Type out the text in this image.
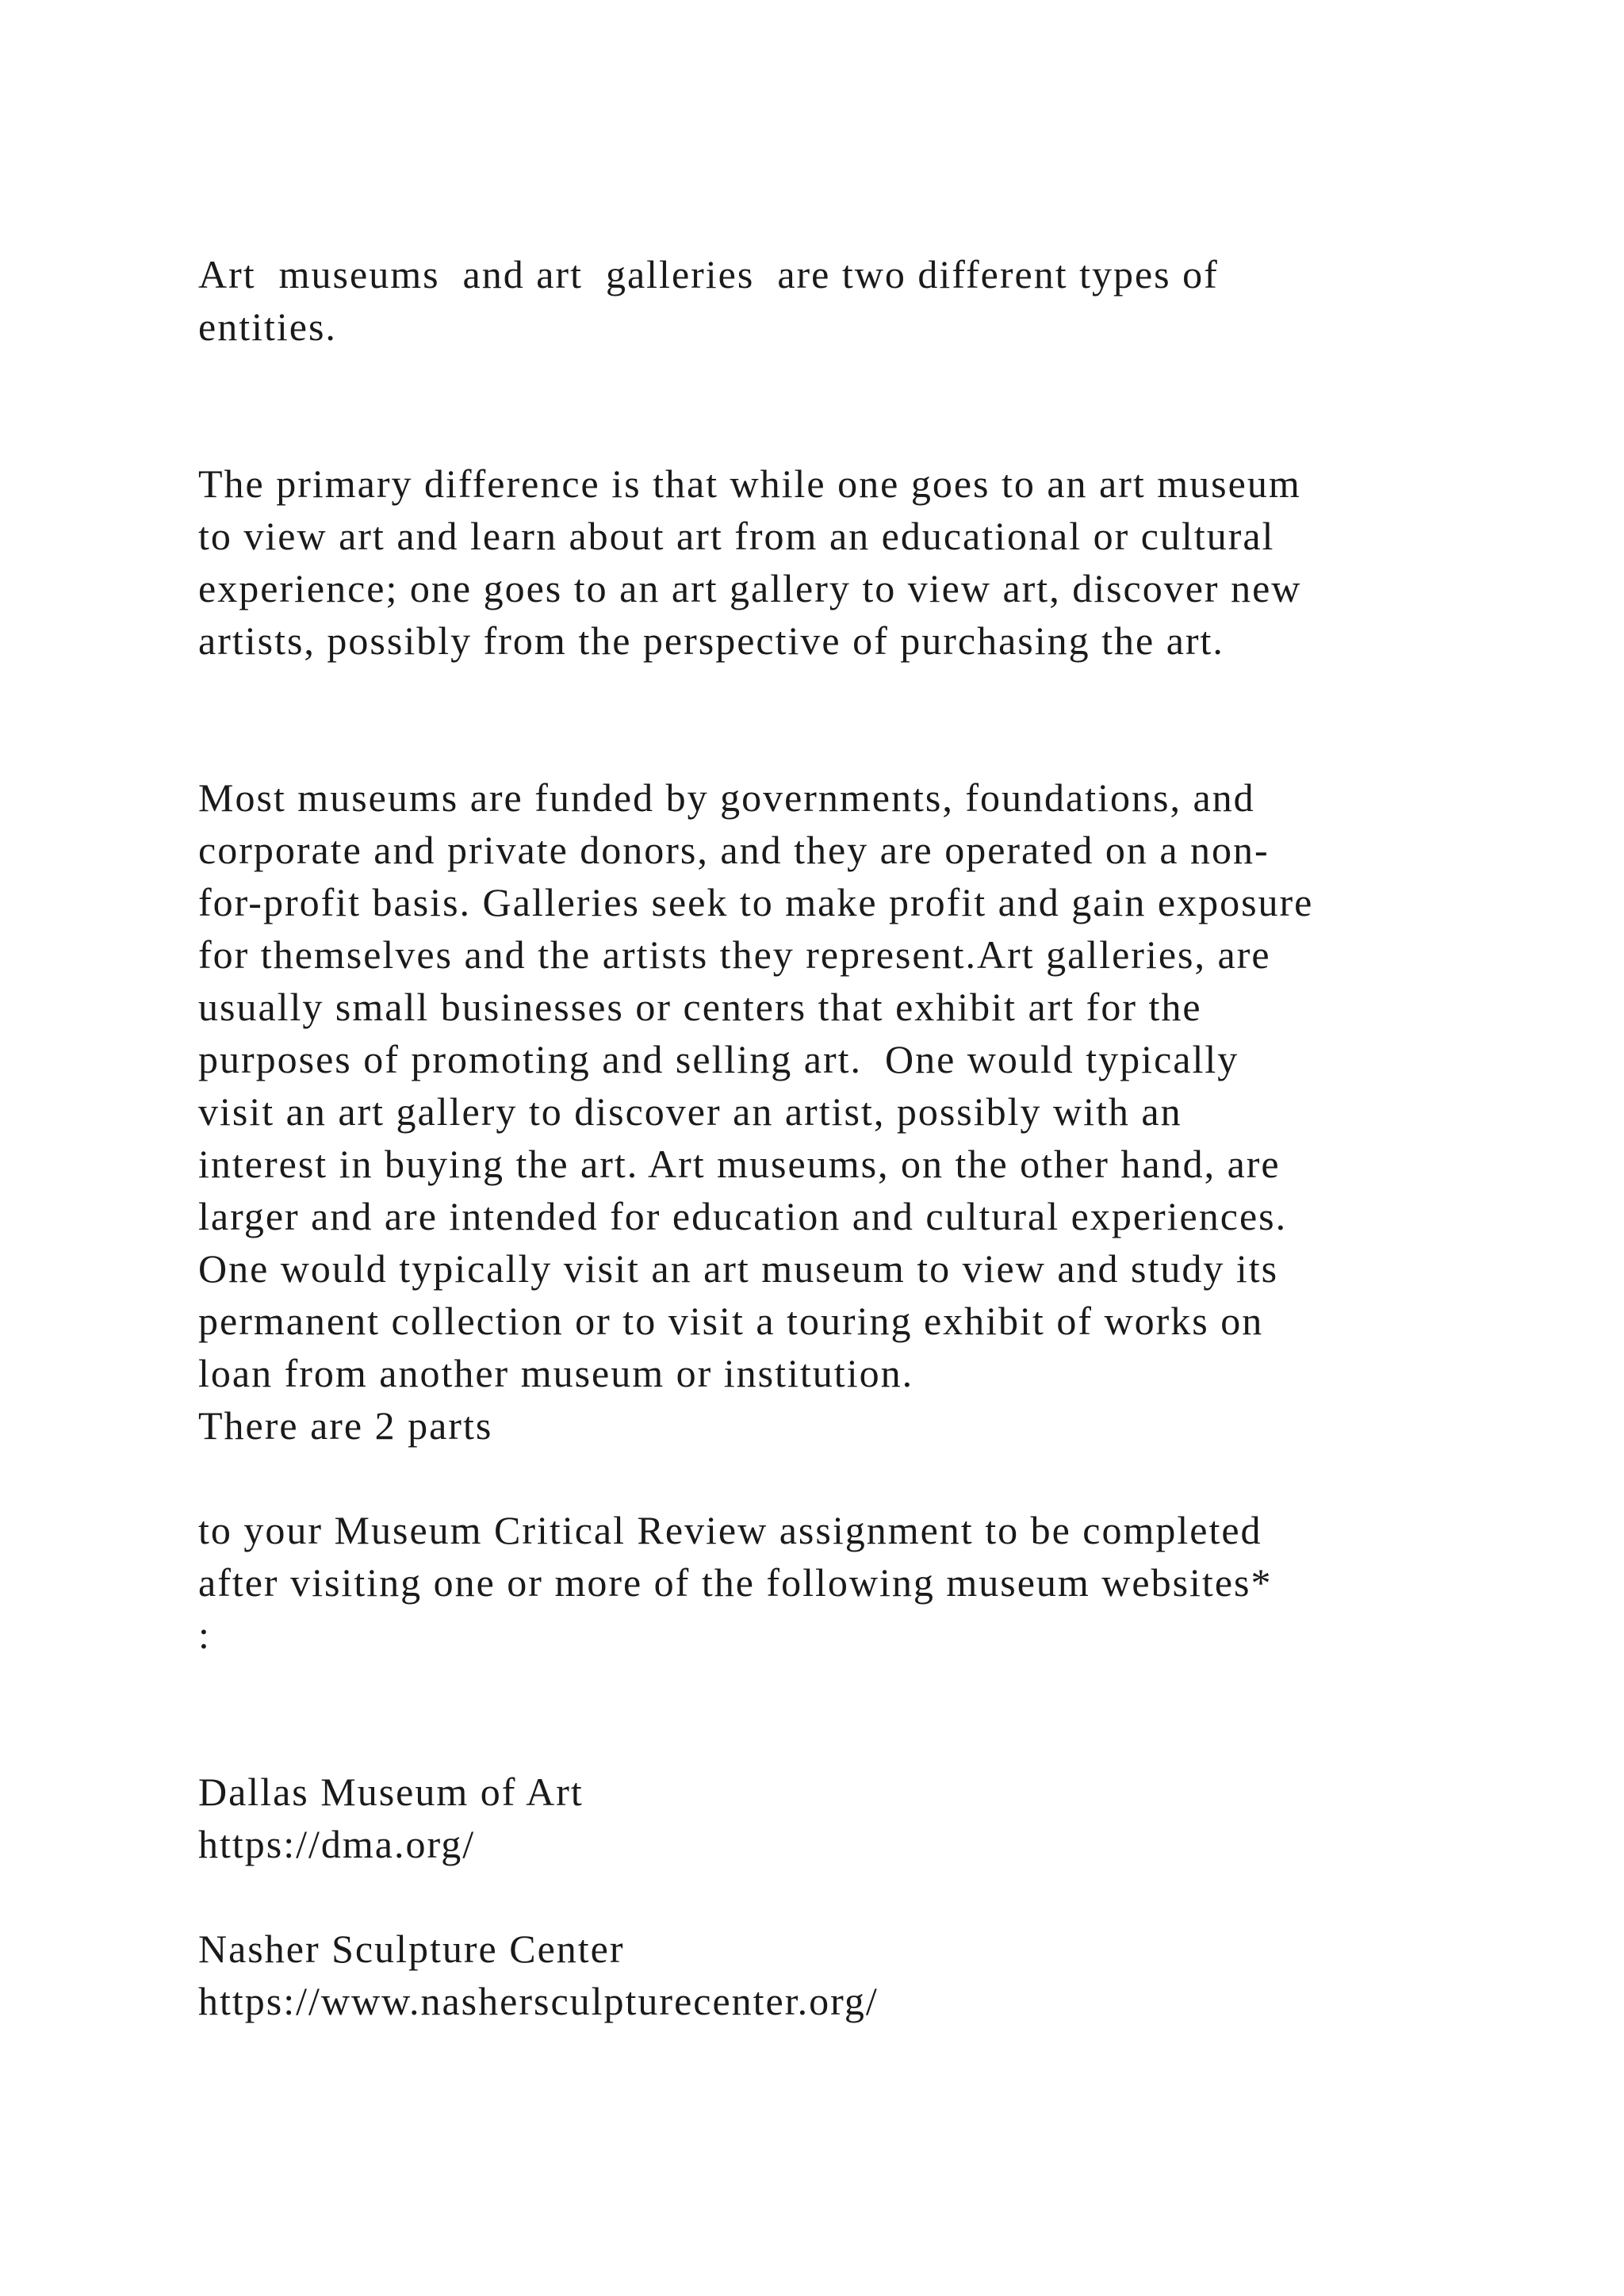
Art  museums  and art  galleries  are two different types of

entities.

The primary difference is that while one goes to an art museum

to view art and learn about art from an educational or cultural

experience; one goes to an art gallery to view art, discover new

artists, possibly from the perspective of purchasing the art.

Most museums are funded by governments, foundations, and

corporate and private donors, and they are operated on a non-

for-profit basis. Galleries seek to make profit and gain exposure

for themselves and the artists they represent.Art galleries, are

usually small businesses or centers that exhibit art for the

purposes of promoting and selling art.  One would typically

visit an art gallery to discover an artist, possibly with an

interest in buying the art. Art museums, on the other hand, are

larger and are intended for education and cultural experiences.

One would typically visit an art museum to view and study its

permanent collection or to visit a touring exhibit of works on

loan from another museum or institution.

There are 2 parts

to your Museum Critical Review assignment to be completed

after visiting one or more of the following museum websites*

:

Dallas Museum of Art

https://dma.org/

Nasher Sculpture Center

https://www.nashersculpturecenter.org/
